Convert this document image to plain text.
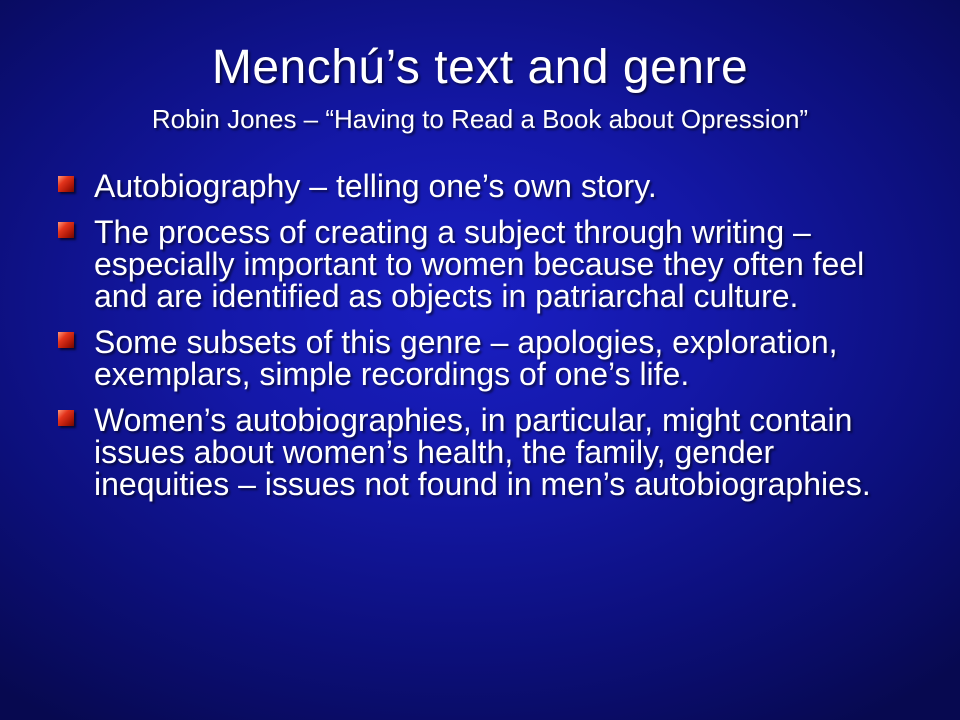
Menchú’s text and genre
Robin Jones – “Having to Read a Book about Opression”
Autobiography – telling one’s own story.
The process of creating a subject through writing – especially important to women because they often feel and are identified as objects in patriarchal culture.
Some subsets of this genre – apologies, exploration, exemplars, simple recordings of one’s life.
Women’s autobiographies, in particular, might contain issues about women’s health, the family, gender inequities – issues not found in men’s autobiographies.
